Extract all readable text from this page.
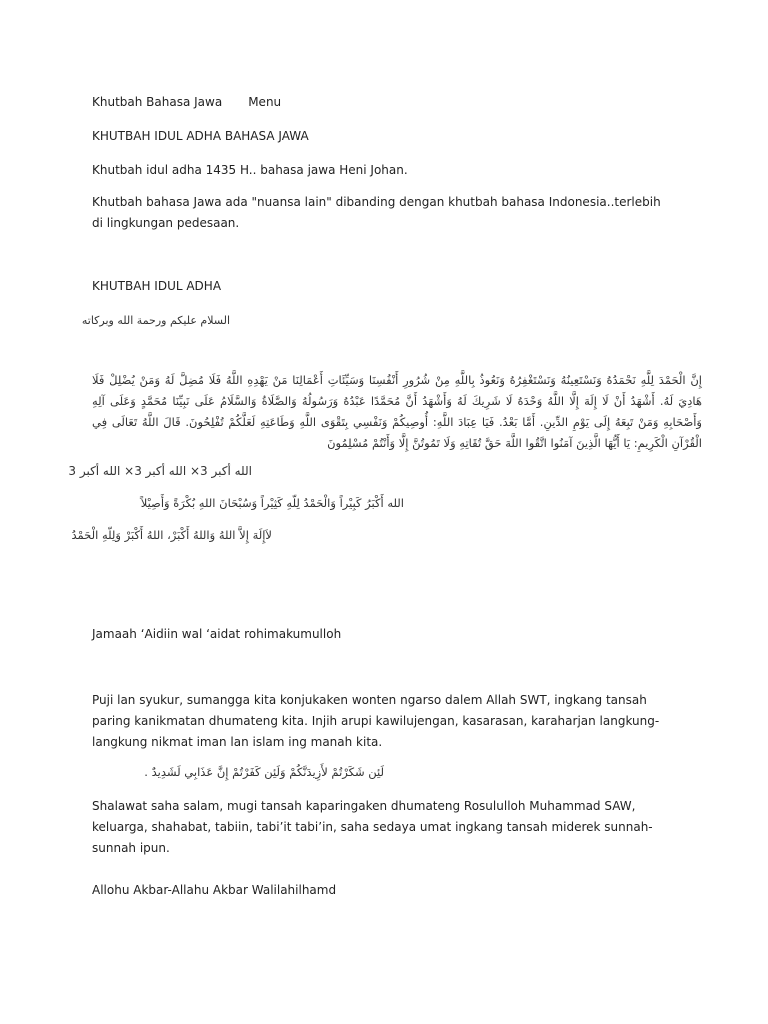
Khutbah Bahasa Jawa Menu
KHUTBAH IDUL ADHA BAHASA JAWA
Khutbah idul adha 1435 H.. bahasa jawa Heni Johan.
Khutbah bahasa Jawa ada "nuansa lain" dibanding dengan khutbah bahasa Indonesia..terlebih di lingkungan pedesaan.
KHUTBAH IDUL ADHA
السلام عليكم ورحمة الله وبركاته
إِنَّ الْحَمْدَ لِلَّهِ نَحْمَدُهُ وَنَسْتَعِينُهُ وَنَسْتَغْفِرُهُ وَنَعُوذُ بِاللَّهِ مِنْ شُرُورِ أَنْفُسِنَا وَسَيِّئَاتِ أَعْمَالِنَا مَنْ يَهْدِهِ اللَّهُ فَلَا مُضِلَّ لَهُ وَمَنْ يُضْلِلْ فَلَا هَادِيَ لَهُ. أَشْهَدُ أَنْ لَا إِلَهَ إِلَّا اللَّهُ وَحْدَهُ لَا شَرِيكَ لَهُ وَأَشْهَدُ أَنَّ مُحَمَّدًا عَبْدُهُ وَرَسُولُهُ وَالصَّلَاةُ وَالسَّلَامُ عَلَى نَبِيِّنَا مُحَمَّدٍ وَعَلَى آلِهِ وَأَصْحَابِهِ وَمَنْ تَبِعَهُ إِلَى يَوْمِ الدِّينِ. أَمَّا بَعْدُ. فَيَا عِبَادَ اللَّهِ: أُوصِيكُمْ وَنَفْسِي بِتَقْوَى اللَّهِ وَطَاعَتِهِ لَعَلَّكُمْ تُفْلِحُونَ. قَالَ اللَّهُ تَعَالَى فِي الْقُرْآنِ الْكَرِيمِ: يَا أَيُّهَا الَّذِينَ آمَنُوا اتَّقُوا اللَّهَ حَقَّ تُقَاتِهِ وَلَا تَمُوتُنَّ إِلَّا وَأَنْتُمْ مُسْلِمُونَ
الله أكبر 3× الله أكبر 3× الله أكبر 3
الله أَكْبَرُ كَبِيْراً وَالْحَمْدُ لِلّهِ كَثِيْراً وَسُبْحَانَ اللهِ بُكْرَةً وَأَصِيْلاً
لاَإِلَهَ إِلاَّ اللهُ وَاللهُ أَكْبَرْ، اللهُ أَكْبَرْ وَلِلّهِ الْحَمْدُ
Jamaah ‘Aidiin wal ‘aidat rohimakumulloh
Puji lan syukur, sumangga kita konjukaken wonten ngarso dalem Allah SWT, ingkang tansah paring kanikmatan dhumateng kita. Injih arupi kawilujengan, kasarasan, karaharjan langkung-langkung nikmat iman lan islam ing manah kita.
لَئِن شَكَرْتُمْ لأَزِيدَنَّكُمْ وَلَئِن كَفَرْتُمْ إِنَّ عَذَابِي لَشَدِيدٌ .
Shalawat saha salam, mugi tansah kaparingaken dhumateng Rosululloh Muhammad SAW, keluarga, shahabat, tabiin, tabi’it tabi’in, saha sedaya umat ingkang tansah miderek sunnah-sunnah ipun.
Allohu Akbar-Allahu Akbar Walilahilhamd
